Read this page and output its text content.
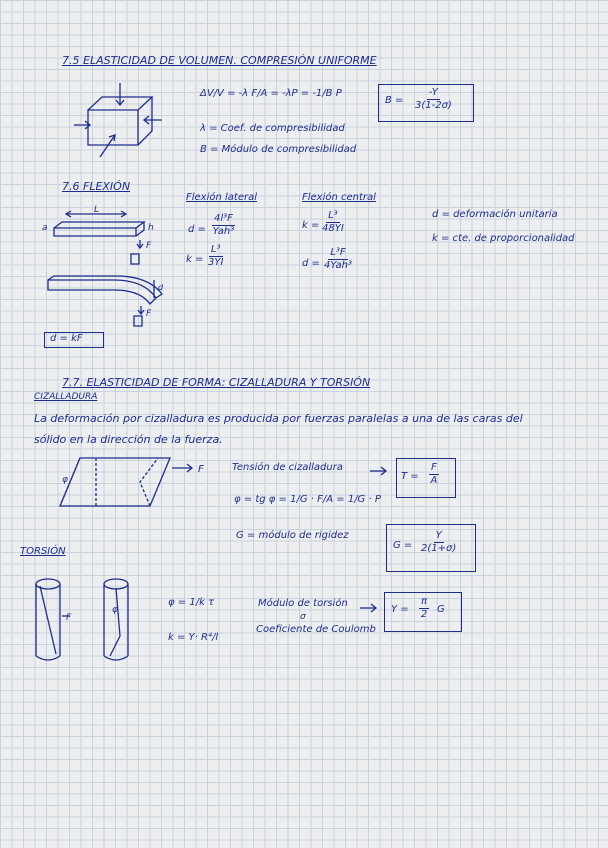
7.5 ELASTICIDAD DE VOLUMEN. COMPRESIÓN UNIFORME
ΔV/V = -λ F/A = -λP = -1/B P
$B = \frac{-Y}{3(1-2\sigma)}$
λ = Coef. de compresibilidad
B = Módulo de compresibilidad
7.6 FLEXIÓN
L
a	h
F
d
F
d = kF
Flexión lateral
d =
4l³F
Yah³
$k = \frac{\text{L³}}{3YI}$
Flexión central
$k = \frac{\text{L³}}{48YI}$
d =
L³F
4Yah³
d = deformación unitaria
k = cte. de proporcionalidad
7.7. ELASTICIDAD DE FORMA: CIZALLADURA Y TORSIÓN
CIZALLADURA
La deformación por cizalladura es producida por fuerzas paralelas a una de las caras del
sólido en la dirección de la fuerza.
φ
F	Tensión de cizalladura
$T = \frac{F}{A}$
φ = tg φ = 1/G · F/A = 1/G · P
G = módulo de rigidez
$G = \frac{Y}{2(1+\sigma)}$
TORSIÓN
F
φ
φ = 1/k τ
k = Y· R⁴/l
Módulo de torsión
σ
Coeficiente de Coulomb
$Y = \frac{\pi}{2}$ G
